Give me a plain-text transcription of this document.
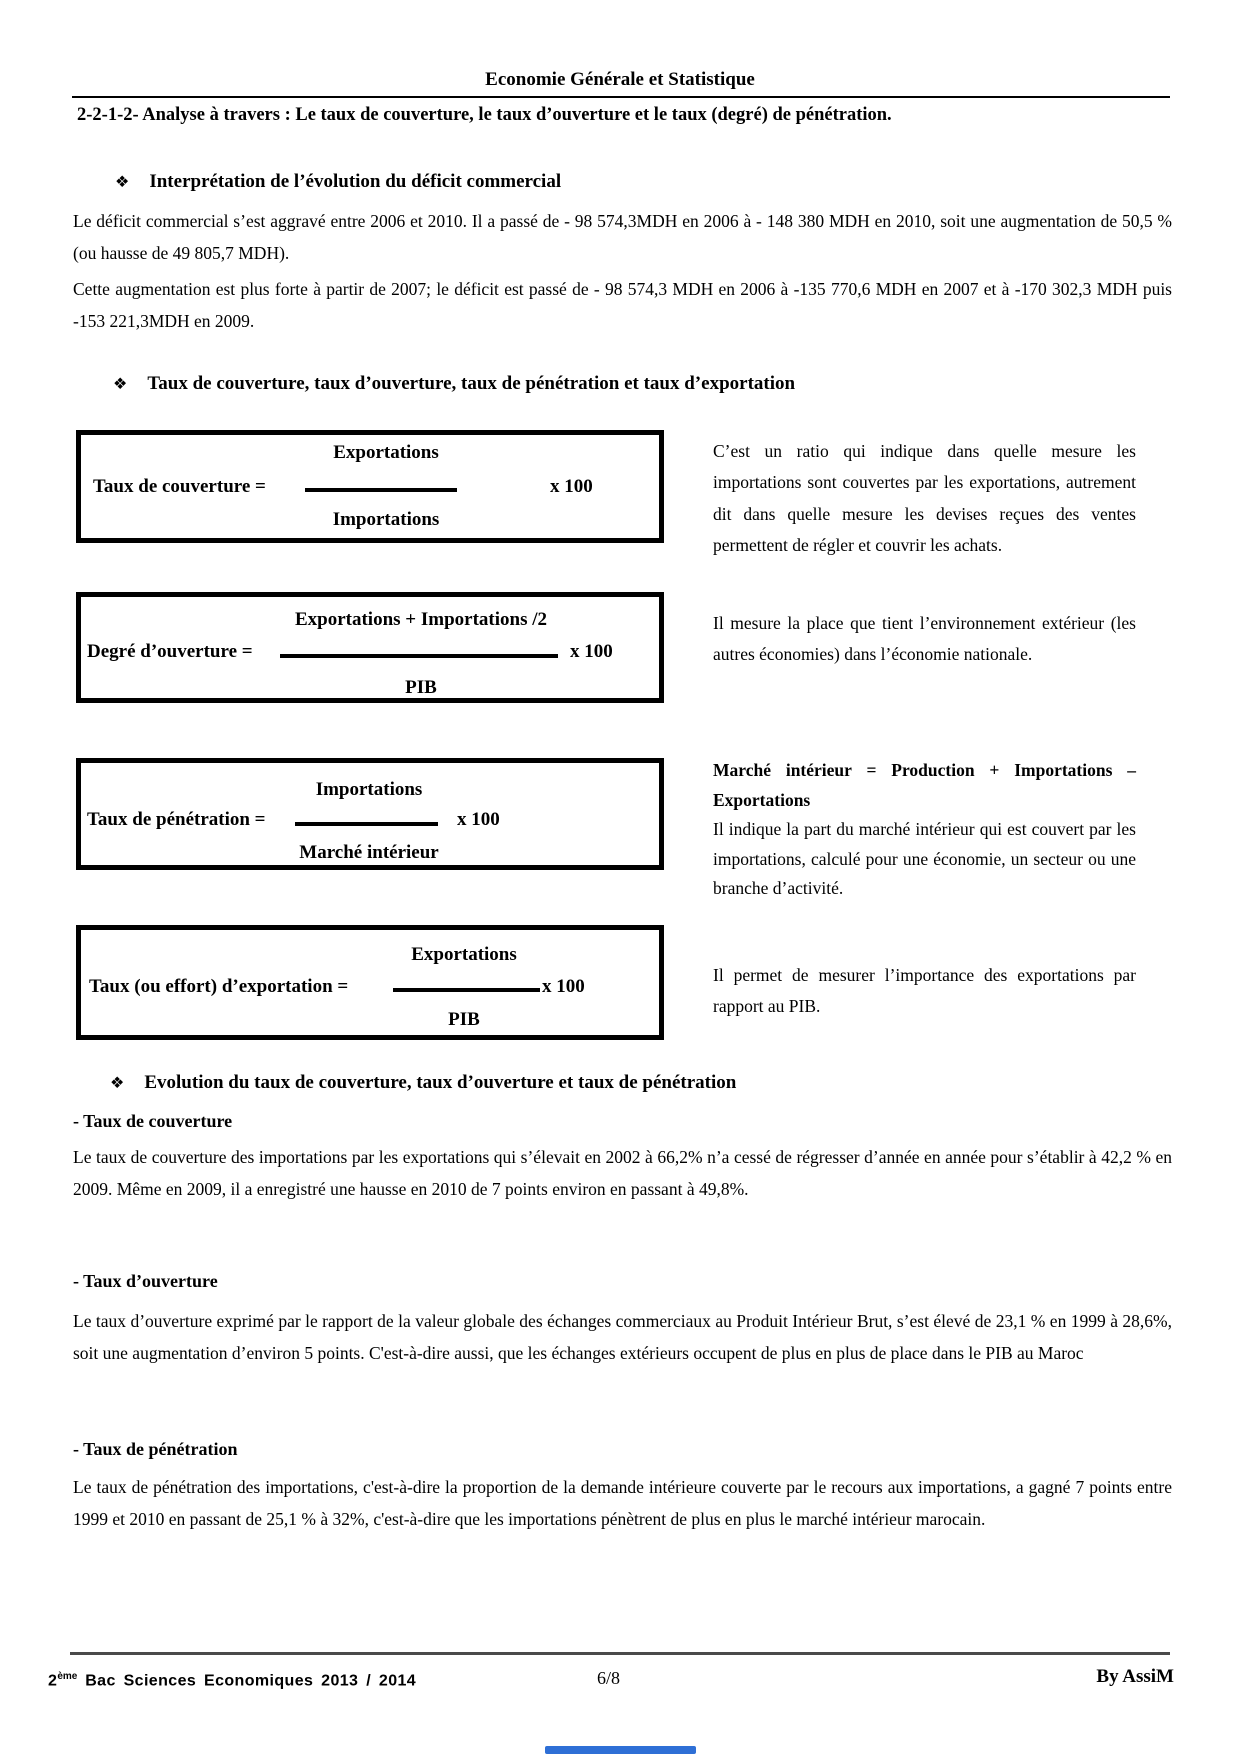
Economie Générale et Statistique
2-2-1-2- Analyse à travers : Le taux de couverture, le taux d’ouverture et le taux (degré) de pénétration.
❖ Interprétation de l’évolution du déficit commercial
Le déficit commercial s’est aggravé entre 2006 et 2010. Il a passé de - 98 574,3MDH en 2006 à - 148 380 MDH en 2010, soit une augmentation de 50,5 % (ou hausse de 49 805,7 MDH).
Cette augmentation est plus forte à partir de 2007; le déficit est passé de - 98 574,3 MDH en 2006 à -135 770,6 MDH en 2007 et à -170 302,3 MDH puis -153 221,3MDH en 2009.
❖ Taux de couverture, taux d’ouverture, taux de pénétration et taux d’exportation
Taux de couverture =
Exportations
x 100
Importations
C’est un ratio qui indique dans quelle mesure les importations sont couvertes par les exportations, autrement dit dans quelle mesure les devises reçues des ventes permettent de régler et couvrir les achats.
Degré d’ouverture =
Exportations + Importations /2
x 100
PIB
Il mesure la place que tient l’environnement extérieur (les autres économies) dans l’économie nationale.
Taux de pénétration =
Importations
x 100
Marché intérieur
Marché intérieur = Production + Importations – Exportations
Il indique la part du marché intérieur qui est couvert par les importations, calculé pour une économie, un secteur ou une branche d’activité.
Taux (ou effort) d’exportation =
Exportations
x 100
PIB
Il permet de mesurer l’importance des exportations par rapport au PIB.
❖ Evolution du taux de couverture, taux d’ouverture et taux de pénétration
- Taux de couverture
Le taux de couverture des importations par les exportations qui s’élevait en 2002 à 66,2% n’a cessé de régresser d’année en année pour s’établir à 42,2 % en 2009. Même en 2009, il a enregistré une hausse en 2010 de 7 points environ en passant à 49,8%.
- Taux d’ouverture
Le taux d’ouverture exprimé par le rapport de la valeur globale des échanges commerciaux au Produit Intérieur Brut, s’est élevé de 23,1 % en 1999 à 28,6%, soit une augmentation d’environ 5 points. C'est-à-dire aussi, que les échanges extérieurs occupent de plus en plus de place dans le PIB au Maroc
- Taux de pénétration
Le taux de pénétration des importations, c'est-à-dire la proportion de la demande intérieure couverte par le recours aux importations, a gagné 7 points entre 1999 et 2010 en passant de 25,1 % à 32%, c'est-à-dire que les importations pénètrent de plus en plus le marché intérieur marocain.
2ème Bac Sciences Economiques 2013 / 2014	6/8	By AssiM
